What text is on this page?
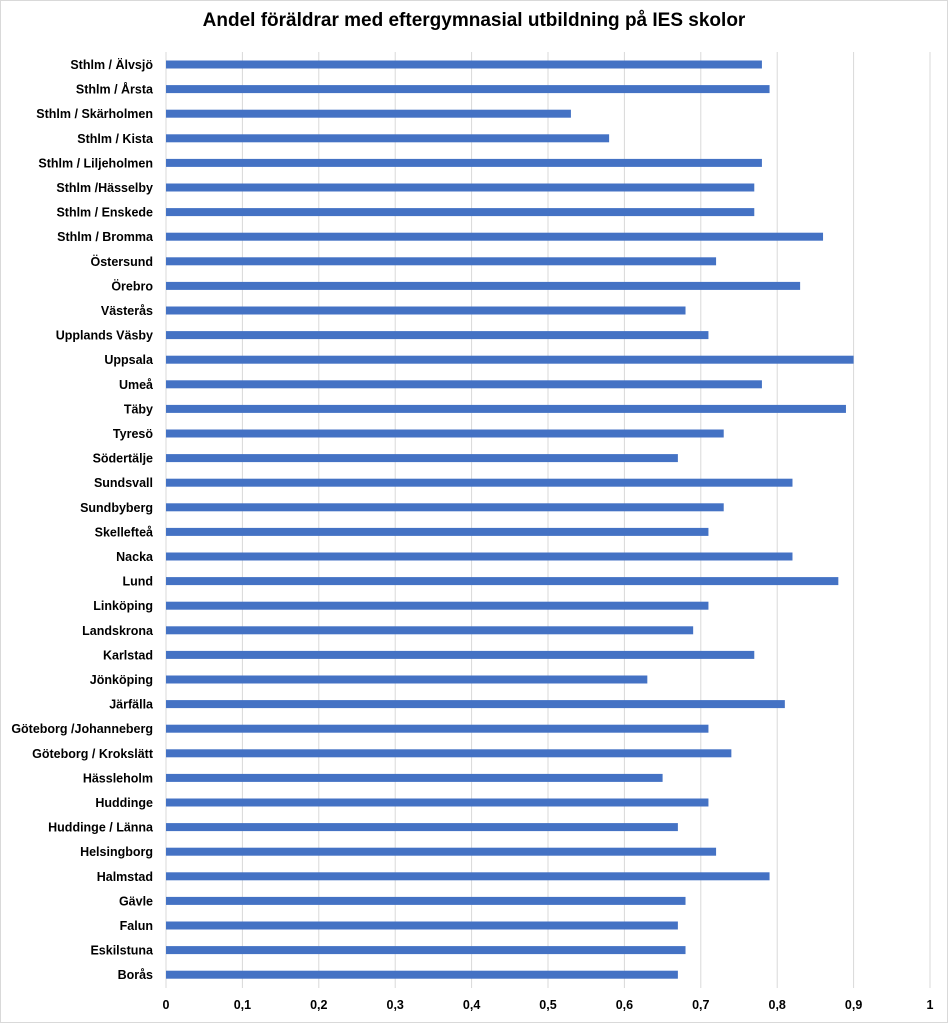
Andel föräldrar med eftergymnasial utbildning på IES skolor
Sthlm / Älvsjö
Sthlm / Årsta
Sthlm / Skärholmen
Sthlm / Kista
Sthlm / Liljeholmen
Sthlm /Hässelby
Sthlm / Enskede
Sthlm / Bromma
Östersund
Örebro
Västerås
Upplands Väsby
Uppsala
Umeå
Täby
Tyresö
Södertälje
Sundsvall
Sundbyberg
Skellefteå
Nacka
Lund
Linköping
Landskrona
Karlstad
Jönköping
Järfälla
Göteborg /Johanneberg
Göteborg / Krokslätt
Hässleholm
Huddinge
Huddinge / Länna
Helsingborg
Halmstad
Gävle
Falun
Eskilstuna
Borås
0	0,1	0,2	0,3	0,4	0,5	0,6	0,7	0,8	0,9	1
